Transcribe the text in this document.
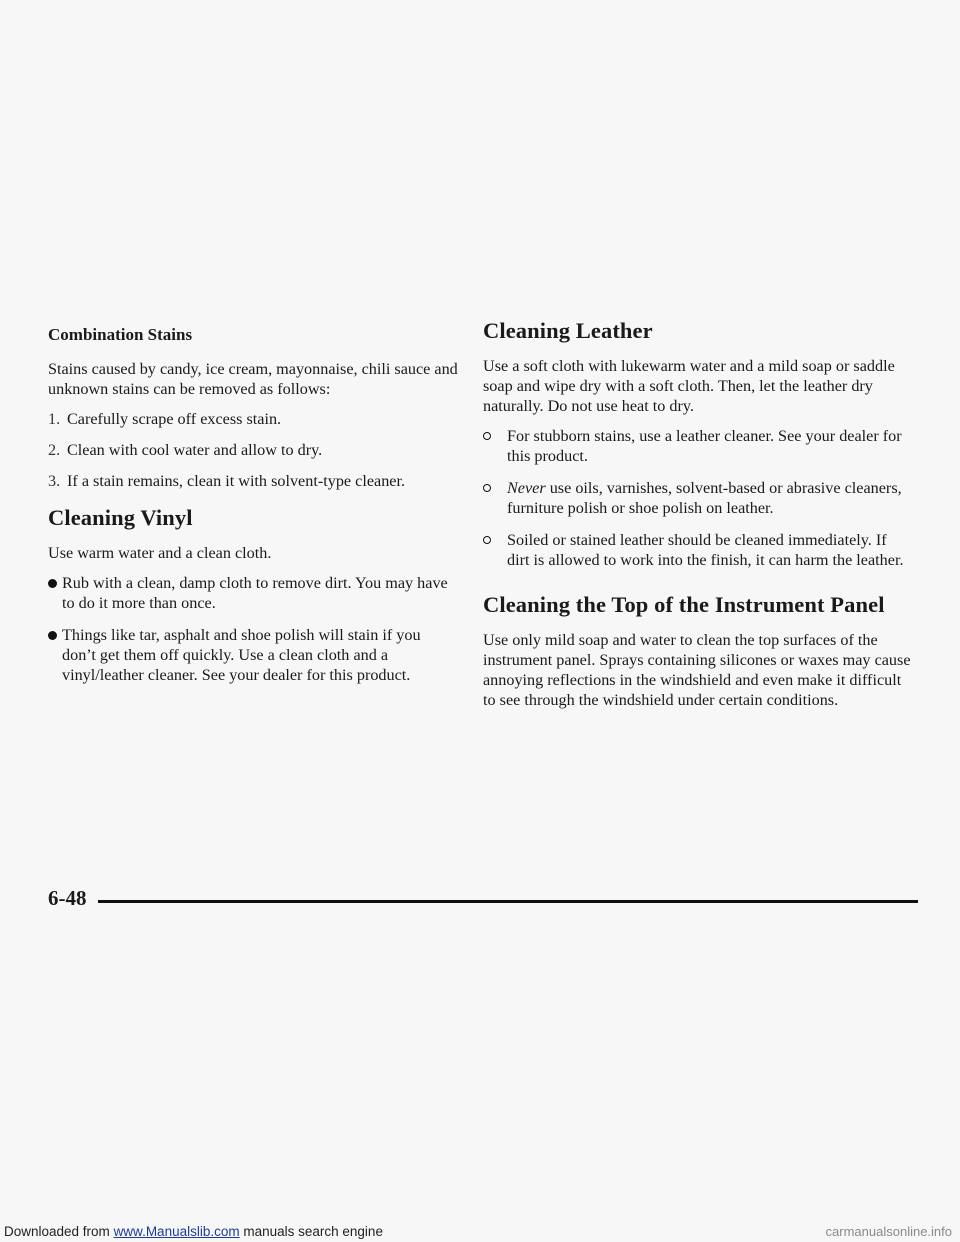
Combination Stains

Stains caused by candy, ice cream, mayonnaise, chili sauce and unknown stains can be removed as follows:

1. Carefully scrape off excess stain.
2. Clean with cool water and allow to dry.
3. If a stain remains, clean it with solvent-type cleaner.
Cleaning Vinyl

Use warm water and a clean cloth.

Rub with a clean, damp cloth to remove dirt. You may have to do it more than once.
Things like tar, asphalt and shoe polish will stain if you don’t get them off quickly. Use a clean cloth and a vinyl/leather cleaner. See your dealer for this product.
Cleaning Leather

Use a soft cloth with lukewarm water and a mild soap or saddle soap and wipe dry with a soft cloth. Then, let the leather dry naturally. Do not use heat to dry.

For stubborn stains, use a leather cleaner. See your dealer for this product.
Never use oils, varnishes, solvent-based or abrasive cleaners, furniture polish or shoe polish on leather.
Soiled or stained leather should be cleaned immediately. If dirt is allowed to work into the finish, it can harm the leather.
Cleaning the Top of the Instrument Panel

Use only mild soap and water to clean the top surfaces of the instrument panel. Sprays containing silicones or waxes may cause annoying reflections in the windshield and even make it difficult to see through the windshield under certain conditions.

6-48
Downloaded from www.Manualslib.com manuals search engine	carmanualsonline.info
